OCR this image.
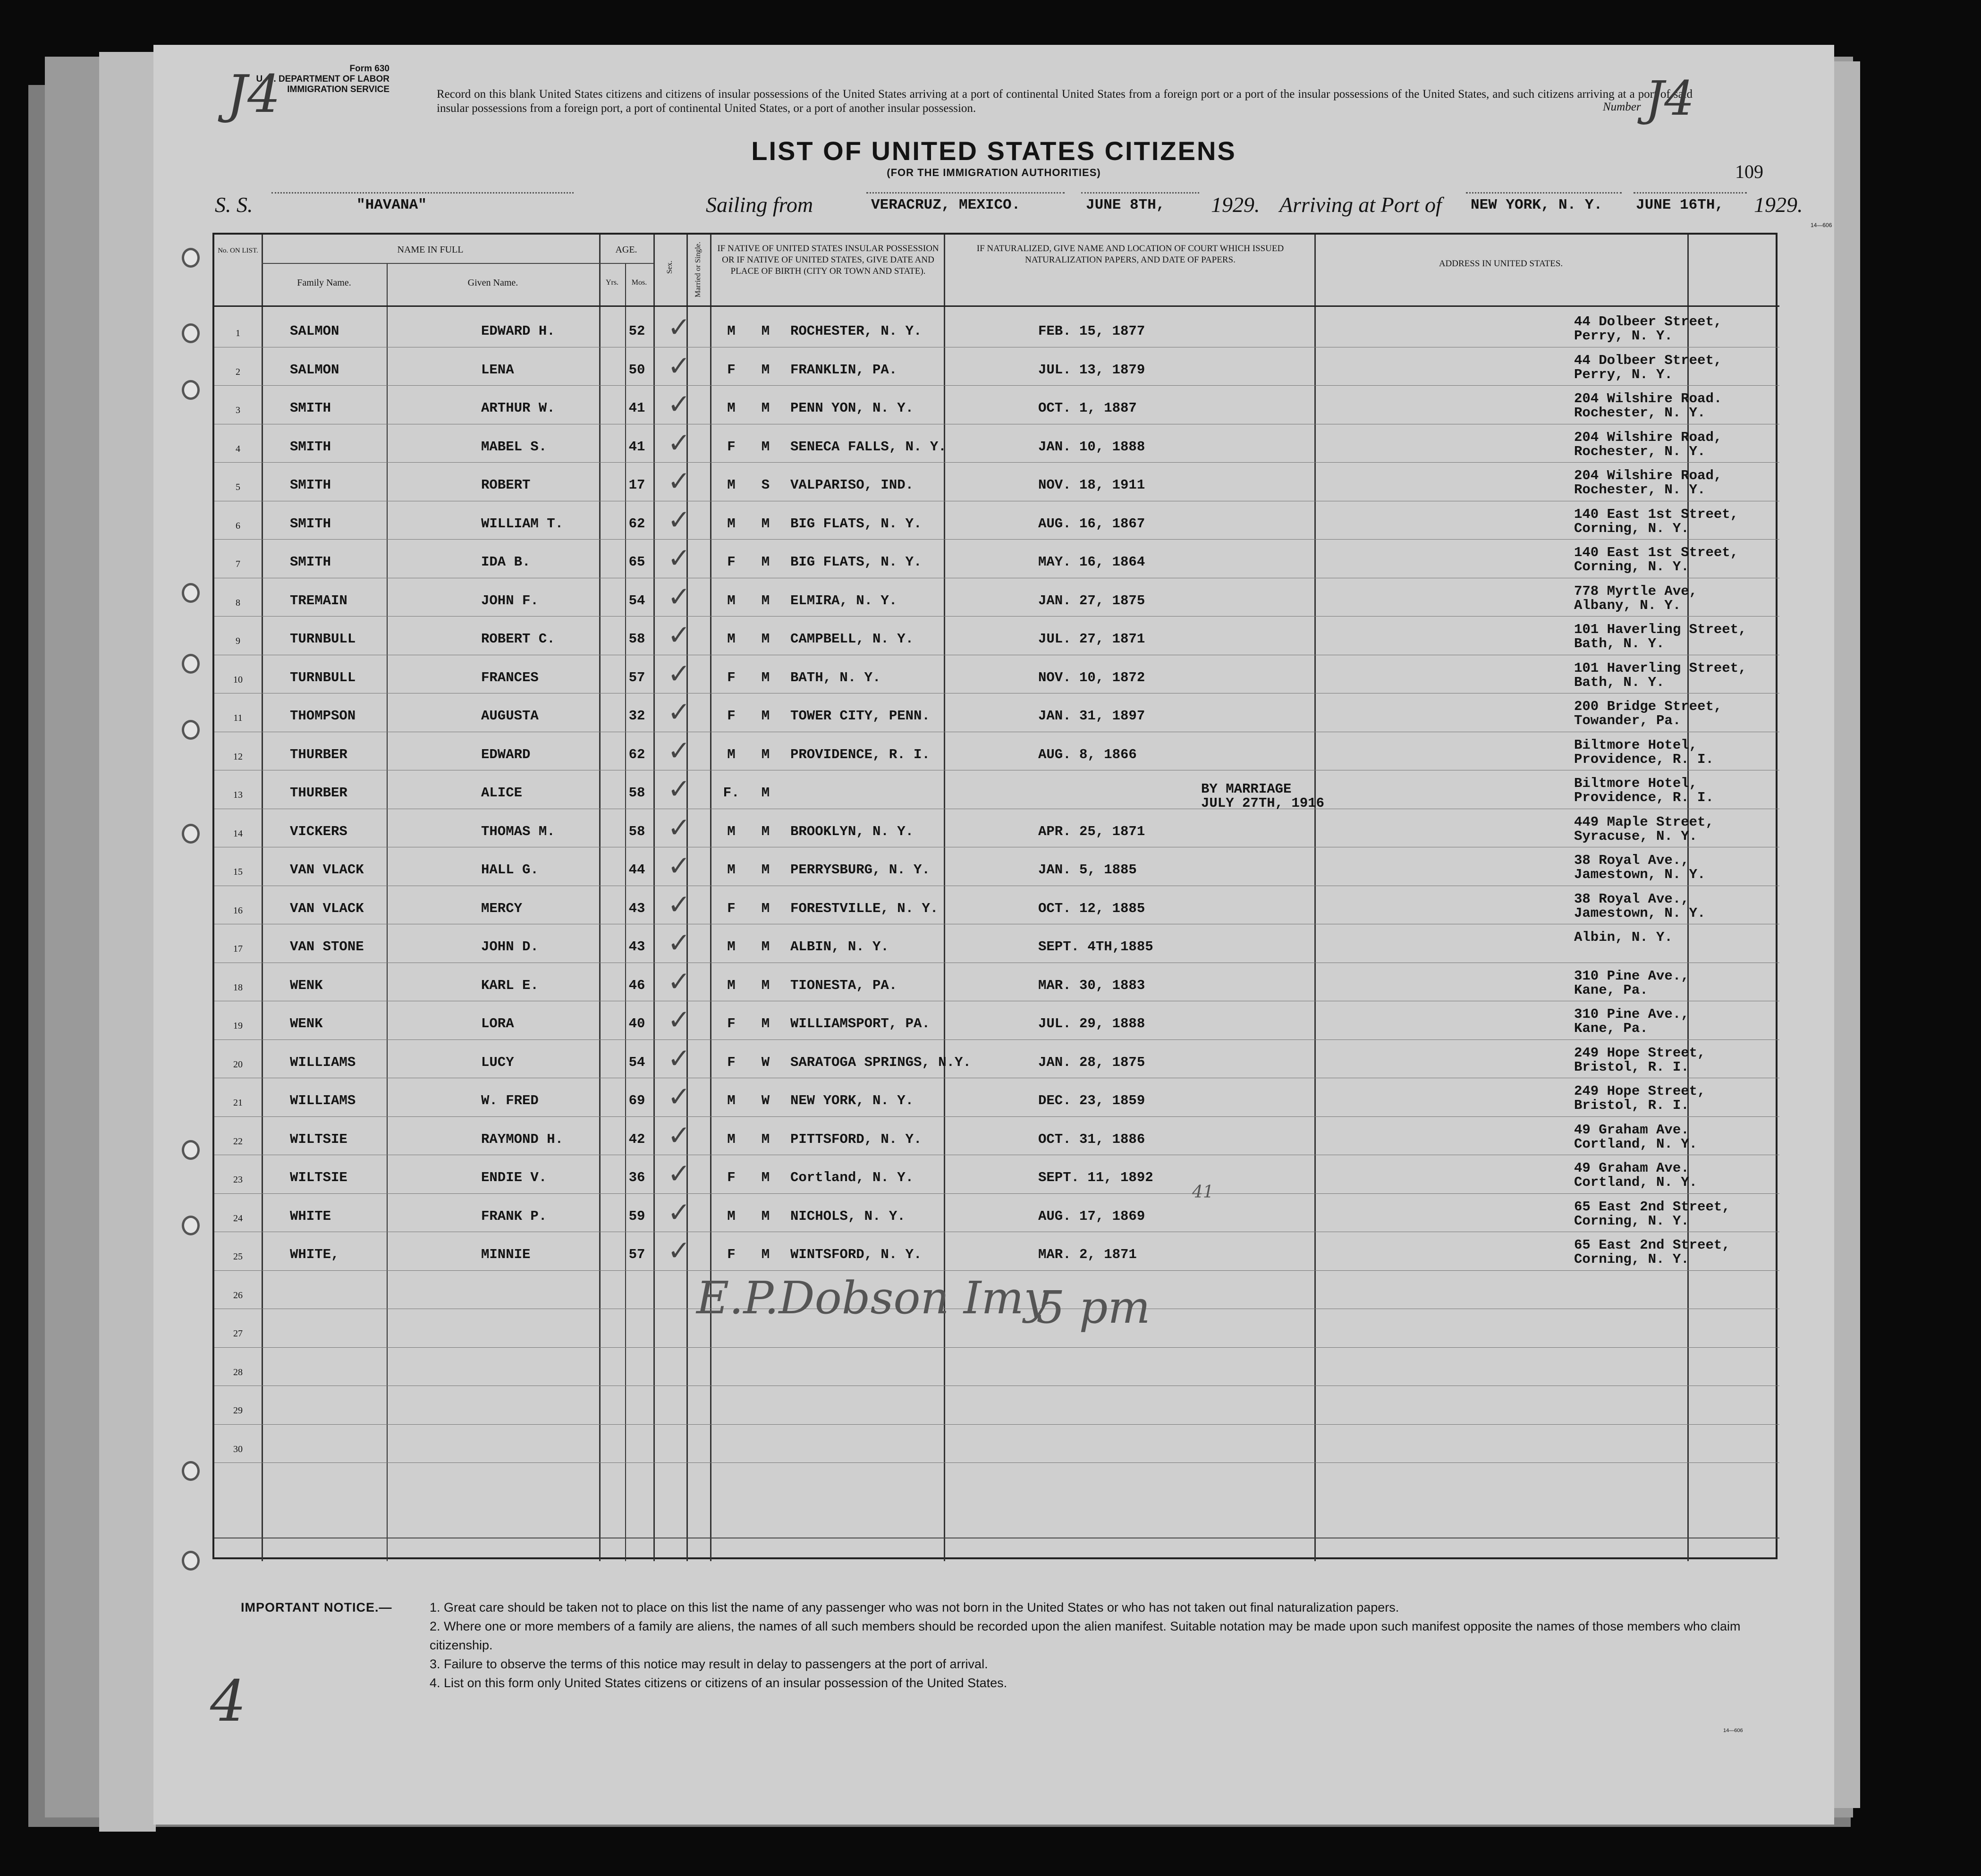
Form 630
U. S. DEPARTMENT OF LABOR
IMMIGRATION SERVICE
J4	Record on this blank United States citizens and citizens of insular possessions of the United States arriving at a port of continental United States from a foreign port or a port of the insular possessions of the United States, and such citizens arriving at a port of said insular possessions from a foreign port, a port of continental United States, or a port of another insular possession.	Number J4
LIST OF UNITED STATES CITIZENS
(FOR THE IMMIGRATION AUTHORITIES)	109
S. S.	"HAVANA"	Sailing from	VERACRUZ, MEXICO.	JUNE 8TH, 1929. Arriving at Port of NEW YORK, N. Y. JUNE 16TH, 1929.
14—606
No. ON LIST.	NAME IN FULL
Family Name.	Given Name.
AGE.
Yrs.	Mos.
Sex.	Married or Single. IF NATIVE OF UNITED STATES INSULAR POSSESSION OR IF NATIVE OF UNITED STATES, GIVE DATE AND PLACE OF BIRTH (CITY OR TOWN AND STATE).
IF NATURALIZED, GIVE NAME AND LOCATION OF COURT WHICH ISSUED NATURALIZATION PAPERS, AND DATE OF PAPERS.	ADDRESS IN UNITED STATES.
1	SALMON	EDWARD H.	52	M	M	ROCHESTER, N. Y.	FEB. 15, 1877
44 Dolbeer Street,
Perry, N. Y.
✓
2	SALMON	LENA	50	F	M	FRANKLIN, PA.	JUL. 13, 1879
44 Dolbeer Street,
Perry, N. Y.
✓
3	SMITH	ARTHUR W.	41	M	M	PENN YON, N. Y.	OCT. 1, 1887
204 Wilshire Road.
Rochester, N. Y.
✓
4	SMITH	MABEL S.	41	F	M	SENECA FALLS, N. Y.	JAN. 10, 1888
204 Wilshire Road,
Rochester, N. Y.
✓
5	SMITH	ROBERT	17	M	S	VALPARISO, IND.	NOV. 18, 1911
204 Wilshire Road,
Rochester, N. Y.
✓
6	SMITH	WILLIAM T.	62	M	M	BIG FLATS, N. Y.	AUG. 16, 1867
140 East 1st Street,
Corning, N. Y.
✓
7	SMITH	IDA B.	65	F	M	BIG FLATS, N. Y.	MAY. 16, 1864
140 East 1st Street,
Corning, N. Y.
✓
8	TREMAIN	JOHN F.	54	M	M	ELMIRA, N. Y.	JAN. 27, 1875
778 Myrtle Ave,
Albany, N. Y.
✓
9	TURNBULL	ROBERT C.	58	M	M	CAMPBELL, N. Y.	JUL. 27, 1871
101 Haverling Street,
Bath, N. Y.
✓
10	TURNBULL	FRANCES	57	F	M	BATH, N. Y.	NOV. 10, 1872
101 Haverling Street,
Bath, N. Y.
✓
11	THOMPSON	AUGUSTA	32	F	M	TOWER CITY, PENN.	JAN. 31, 1897
200 Bridge Street,
Towander, Pa.
✓
12	THURBER	EDWARD	62	M	M	PROVIDENCE, R. I.	AUG. 8, 1866
Biltmore Hotel,
Providence, R. I.
✓
13	THURBER	ALICE	58	F.	M	BY MARRIAGE
JULY 27TH, 1916
Biltmore Hotel,
Providence, R. I.
✓
14	VICKERS	THOMAS M.	58	M	M	BROOKLYN, N. Y.	APR. 25, 1871
449 Maple Street,
Syracuse, N. Y.
✓
15	VAN VLACK	HALL G.	44	M	M	PERRYSBURG, N. Y.	JAN. 5, 1885
38 Royal Ave.,
Jamestown, N. Y.
✓
16	VAN VLACK	MERCY	43	F	M	FORESTVILLE, N. Y.	OCT. 12, 1885
38 Royal Ave.,
Jamestown, N. Y.
✓
17	VAN STONE	JOHN D.	43	M	M	ALBIN, N. Y.	SEPT. 4TH,1885
Albin, N. Y.
✓
18	WENK	KARL E.	46	M	M	TIONESTA, PA.	MAR. 30, 1883
310 Pine Ave.,
Kane, Pa.
✓
19	WENK	LORA	40	F	M	WILLIAMSPORT, PA.	JUL. 29, 1888
310 Pine Ave.,
Kane, Pa.
✓
20	WILLIAMS	LUCY	54	F	W	SARATOGA SPRINGS, N.Y.	JAN. 28, 1875
249 Hope Street,
Bristol, R. I.
✓
21	WILLIAMS	W. FRED	69	M	W	NEW YORK, N. Y.	DEC. 23, 1859
249 Hope Street,
Bristol, R. I.
✓
22	WILTSIE	RAYMOND H.	42	M	M	PITTSFORD, N. Y.	OCT. 31, 1886
49 Graham Ave.
Cortland, N. Y.
✓
23	WILTSIE	ENDIE V.	36	F	M	Cortland, N. Y.	SEPT. 11, 1892
49 Graham Ave.
Cortland, N. Y.
✓
24	WHITE	FRANK P.	59	M	M	NICHOLS, N. Y.	AUG. 17, 1869
65 East 2nd Street,
Corning, N. Y.
✓
25	WHITE,	MINNIE	57	F	M	WINTSFORD, N. Y.	MAR. 2, 1871
65 East 2nd Street,
Corning, N. Y.
✓
26
27
28
29
30
E.P.Dobson Imy
5 pm
41
IMPORTANT NOTICE.—	1. Great care should be taken not to place on this list the name of any passenger who was not born in the United States or who has not taken out final naturalization papers.
2. Where one or more members of a family are aliens, the names of all such members should be recorded upon the alien manifest. Suitable notation may be made upon such manifest opposite the names of those members who claim citizenship.
3. Failure to observe the terms of this notice may result in delay to passengers at the port of arrival.
4. List on this form only United States citizens or citizens of an insular possession of the United States.
14—606
4
